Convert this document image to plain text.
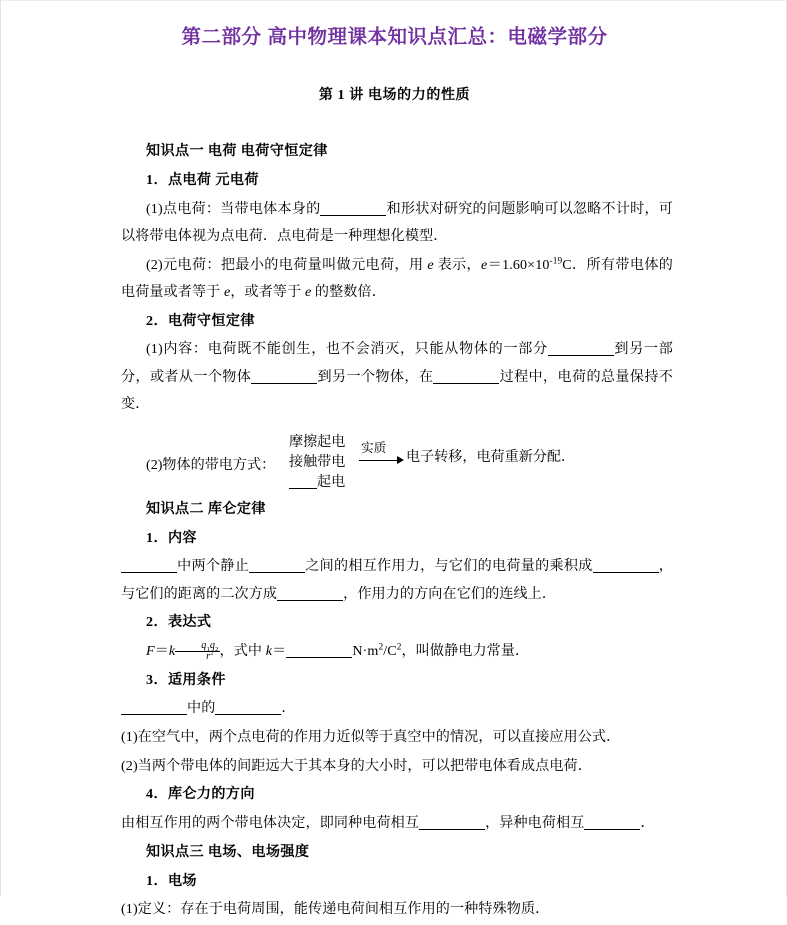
第二部分 高中物理课本知识点汇总：电磁学部分
第 1 讲 电场的力的性质

知识点一 电荷 电荷守恒定律

1．点电荷 元电荷

(1)点电荷：当带电体本身的	和形状对研究的问题影响可以忽略不计时，可以将带电体视为点电荷．点电荷是一种理想化模型．

(2)元电荷：把最小的电荷量叫做元电荷，用 e 表示，$e=1.60\times 10^{-19}C$．所有带电体的电荷量或者等于 e，或者等于 e 的整数倍．

2．电荷守恒定律

(1)内容：电荷既不能创生，也不会消灭，只能从物体的一部分	到另一部分，或者从一个物体	到另一个物体，在	过程中，电荷的总量保持不变．

(2)物体的带电方式：
摩擦起电
接触带电
起电
实质
电子转移，电荷重新分配．

知识点二 库仑定律

1．内容

中两个静止	之间的相互作用力，与它们的电荷量的乘积成	，与它们的距离的二次方成	，作用力的方向在它们的连线上．

2．表达式

$F=k \frac{q_1q_2}{r^2}$ ，式中 k＝	$N\cdot m^2/C^2$，叫做静电力常量．

3．适用条件

中的	．

(1)在空气中，两个点电荷的作用力近似等于真空中的情况，可以直接应用公式．

(2)当两个带电体的间距远大于其本身的大小时，可以把带电体看成点电荷．

4．库仑力的方向

由相互作用的两个带电体决定，即同种电荷相互	，异种电荷相互	．

知识点三 电场、电场强度

1．电场

(1)定义：存在于电荷周围，能传递电荷间相互作用的一种特殊物质．
